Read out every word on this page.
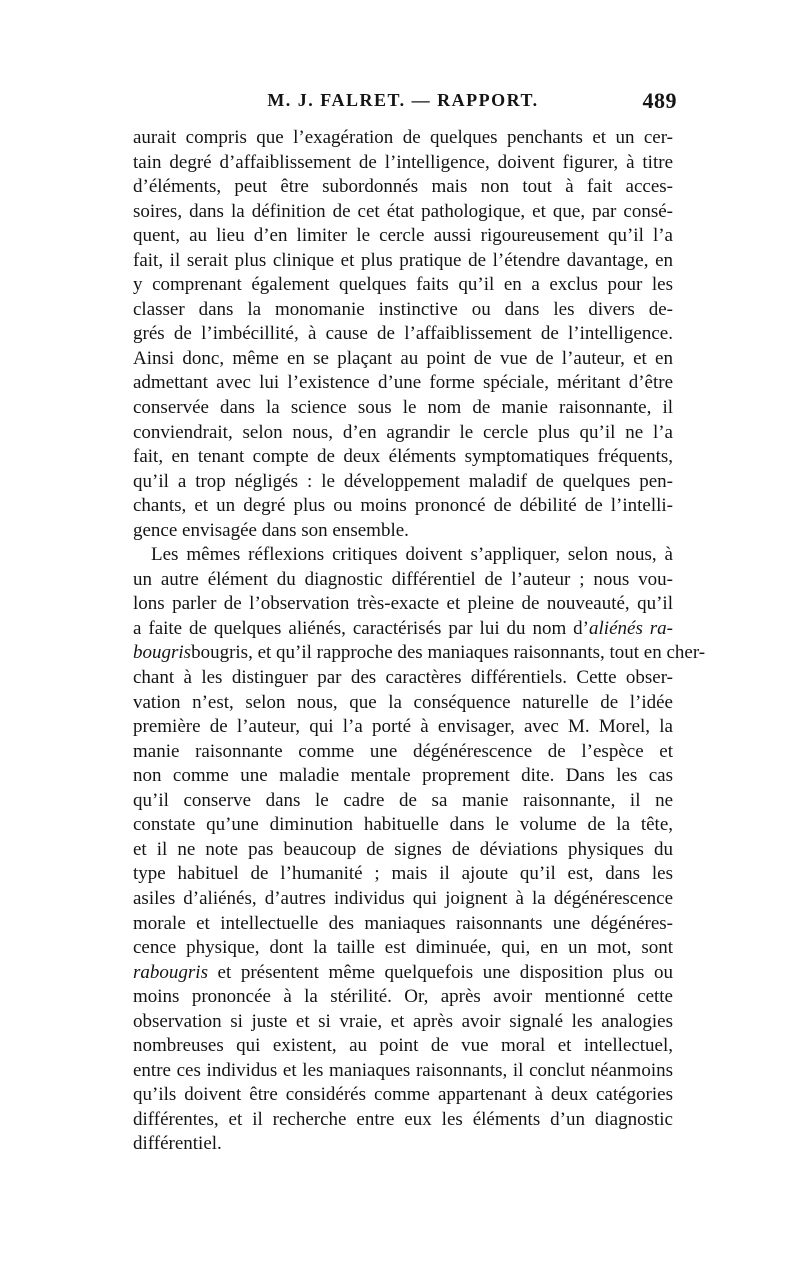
M. J. FALRET. — RAPPORT.	489
aurait compris que l’exagération de quelques penchants et un cer-
tain degré d’affaiblissement de l’intelligence, doivent figurer, à titre
d’éléments, peut être subordonnés mais non tout à fait acces-
soires, dans la définition de cet état pathologique, et que, par consé-
quent, au lieu d’en limiter le cercle aussi rigoureusement qu’il l’a
fait, il serait plus clinique et plus pratique de l’étendre davantage, en
y comprenant également quelques faits qu’il en a exclus pour les
classer dans la monomanie instinctive ou dans les divers de-
grés de l’imbécillité, à cause de l’affaiblissement de l’intelligence.
Ainsi donc, même en se plaçant au point de vue de l’auteur, et en
admettant avec lui l’existence d’une forme spéciale, méritant d’être
conservée dans la science sous le nom de manie raisonnante, il
conviendrait, selon nous, d’en agrandir le cercle plus qu’il ne l’a
fait, en tenant compte de deux éléments symptomatiques fréquents,
qu’il a trop négligés : le développement maladif de quelques pen-
chants, et un degré plus ou moins prononcé de débilité de l’intelli-
gence envisagée dans son ensemble.
Les mêmes réflexions critiques doivent s’appliquer, selon nous, à
un autre élément du diagnostic différentiel de l’auteur ; nous vou-
lons parler de l’observation très-exacte et pleine de nouveauté, qu’il
a faite de quelques aliénés, caractérisés par lui du nom d’aliénés ra-
bougrisbougris, et qu’il rapproche des maniaques raisonnants, tout en cher-
chant à les distinguer par des caractères différentiels. Cette obser-
vation n’est, selon nous, que la conséquence naturelle de l’idée
première de l’auteur, qui l’a porté à envisager, avec M. Morel, la
manie raisonnante comme une dégénérescence de l’espèce et
non comme une maladie mentale proprement dite. Dans les cas
qu’il conserve dans le cadre de sa manie raisonnante, il ne
constate qu’une diminution habituelle dans le volume de la tête,
et il ne note pas beaucoup de signes de déviations physiques du
type habituel de l’humanité ; mais il ajoute qu’il est, dans les
asiles d’aliénés, d’autres individus qui joignent à la dégénérescence
morale et intellectuelle des maniaques raisonnants une dégénéres-
cence physique, dont la taille est diminuée, qui, en un mot, sont
rabougris et présentent même quelquefois une disposition plus ou
moins prononcée à la stérilité. Or, après avoir mentionné cette
observation si juste et si vraie, et après avoir signalé les analogies
nombreuses qui existent, au point de vue moral et intellectuel,
entre ces individus et les maniaques raisonnants, il conclut néanmoins
qu’ils doivent être considérés comme appartenant à deux catégories
différentes, et il recherche entre eux les éléments d’un diagnostic
différentiel.
